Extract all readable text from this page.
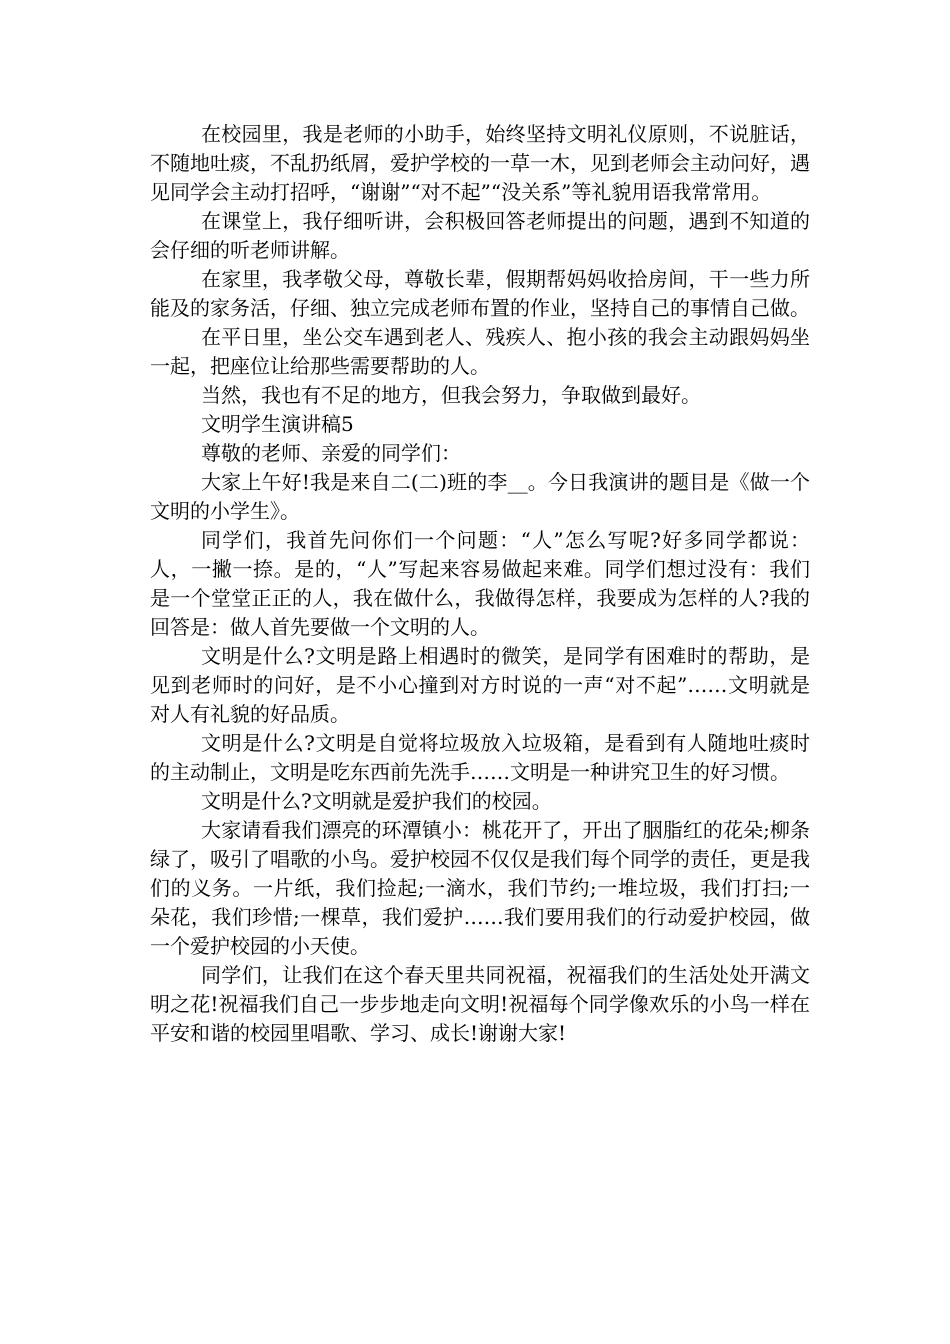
在校园里，我是老师的小助手，始终坚持文明礼仪原则，不说脏话，不随地吐痰，不乱扔纸屑，爱护学校的一草一木，见到老师会主动问好，遇见同学会主动打招呼，“谢谢”“对不起”“没关系”等礼貌用语我常常用。

在课堂上，我仔细听讲，会积极回答老师提出的问题，遇到不知道的会仔细的听老师讲解。

在家里，我孝敬父母，尊敬长辈，假期帮妈妈收拾房间，干一些力所能及的家务活，仔细、独立完成老师布置的作业，坚持自己的事情自己做。

在平日里，坐公交车遇到老人、残疾人、抱小孩的我会主动跟妈妈坐一起，把座位让给那些需要帮助的人。

当然，我也有不足的地方，但我会努力，争取做到最好。

文明学生演讲稿5

尊敬的老师、亲爱的同学们：

大家上午好!我是来自二(二)班的李__。今日我演讲的题目是《做一个文明的小学生》。

同学们，我首先问你们一个问题：“人”怎么写呢?好多同学都说：人，一撇一捺。是的，“人”写起来容易做起来难。同学们想过没有：我们是一个堂堂正正的人，我在做什么，我做得怎样，我要成为怎样的人?我的回答是：做人首先要做一个文明的人。

文明是什么?文明是路上相遇时的微笑，是同学有困难时的帮助，是见到老师时的问好，是不小心撞到对方时说的一声“对不起”……文明就是对人有礼貌的好品质。

文明是什么?文明是自觉将垃圾放入垃圾箱，是看到有人随地吐痰时的主动制止，文明是吃东西前先洗手……文明是一种讲究卫生的好习惯。

文明是什么?文明就是爱护我们的校园。

大家请看我们漂亮的环潭镇小：桃花开了，开出了胭脂红的花朵;柳条绿了，吸引了唱歌的小鸟。爱护校园不仅仅是我们每个同学的责任，更是我们的义务。一片纸，我们捡起;一滴水，我们节约;一堆垃圾，我们打扫;一朵花，我们珍惜;一棵草，我们爱护……我们要用我们的行动爱护校园，做一个爱护校园的小天使。

同学们，让我们在这个春天里共同祝福，祝福我们的生活处处开满文明之花!祝福我们自己一步步地走向文明!祝福每个同学像欢乐的小鸟一样在平安和谐的校园里唱歌、学习、成长!谢谢大家!
